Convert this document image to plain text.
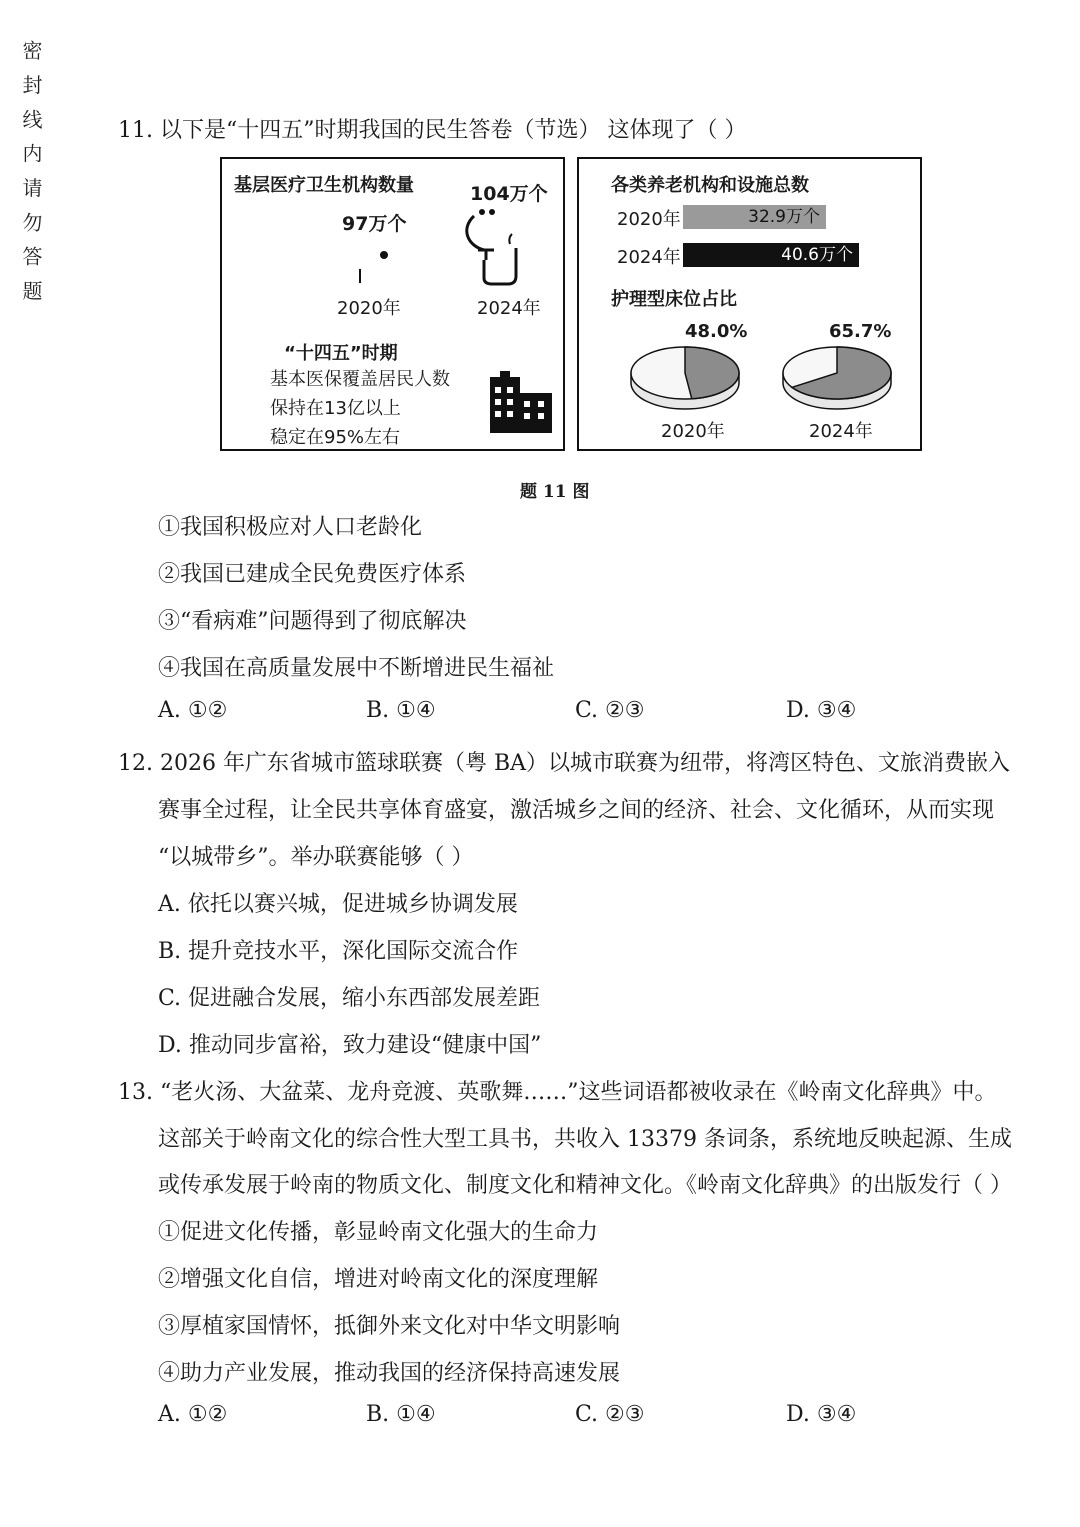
密 封 线 内 请 勿 答 题	11. 以下是“十四五”时期我国的民生答卷（节选） 这体现了（ ）
基层医疗卫生机构数量	104万个
97万个
2020年	2024年
“十四五”时期
基本医保覆盖居民人数
保持在13亿以上
稳定在95%左右
各类养老机构和设施总数
2020年	32.9万个
2024年	40.6万个
护理型床位占比
48.0%	65.7%
2020年	2024年
题 11 图
①我国积极应对人口老龄化
②我国已建成全民免费医疗体系
③“看病难”问题得到了彻底解决
④我国在高质量发展中不断增进民生福祉
A. ①②	B. ①④	C. ②③	D. ③④
12. 2026 年广东省城市篮球联赛（粤 BA）以城市联赛为纽带，将湾区特色、文旅消费嵌入
赛事全过程，让全民共享体育盛宴，激活城乡之间的经济、社会、文化循环，从而实现
“以城带乡”。举办联赛能够（ ）
A. 依托以赛兴城，促进城乡协调发展
B. 提升竞技水平，深化国际交流合作
C. 促进融合发展，缩小东西部发展差距
D. 推动同步富裕，致力建设“健康中国”
13. “老火汤、大盆菜、龙舟竞渡、英歌舞……”这些词语都被收录在《岭南文化辞典》中。
这部关于岭南文化的综合性大型工具书，共收入 13379 条词条，系统地反映起源、生成
或传承发展于岭南的物质文化、制度文化和精神文化。《岭南文化辞典》的出版发行（ ）
①促进文化传播，彰显岭南文化强大的生命力
②增强文化自信，增进对岭南文化的深度理解
③厚植家国情怀，抵御外来文化对中华文明影响
④助力产业发展，推动我国的经济保持高速发展
A. ①②	B. ①④	C. ②③	D. ③④
